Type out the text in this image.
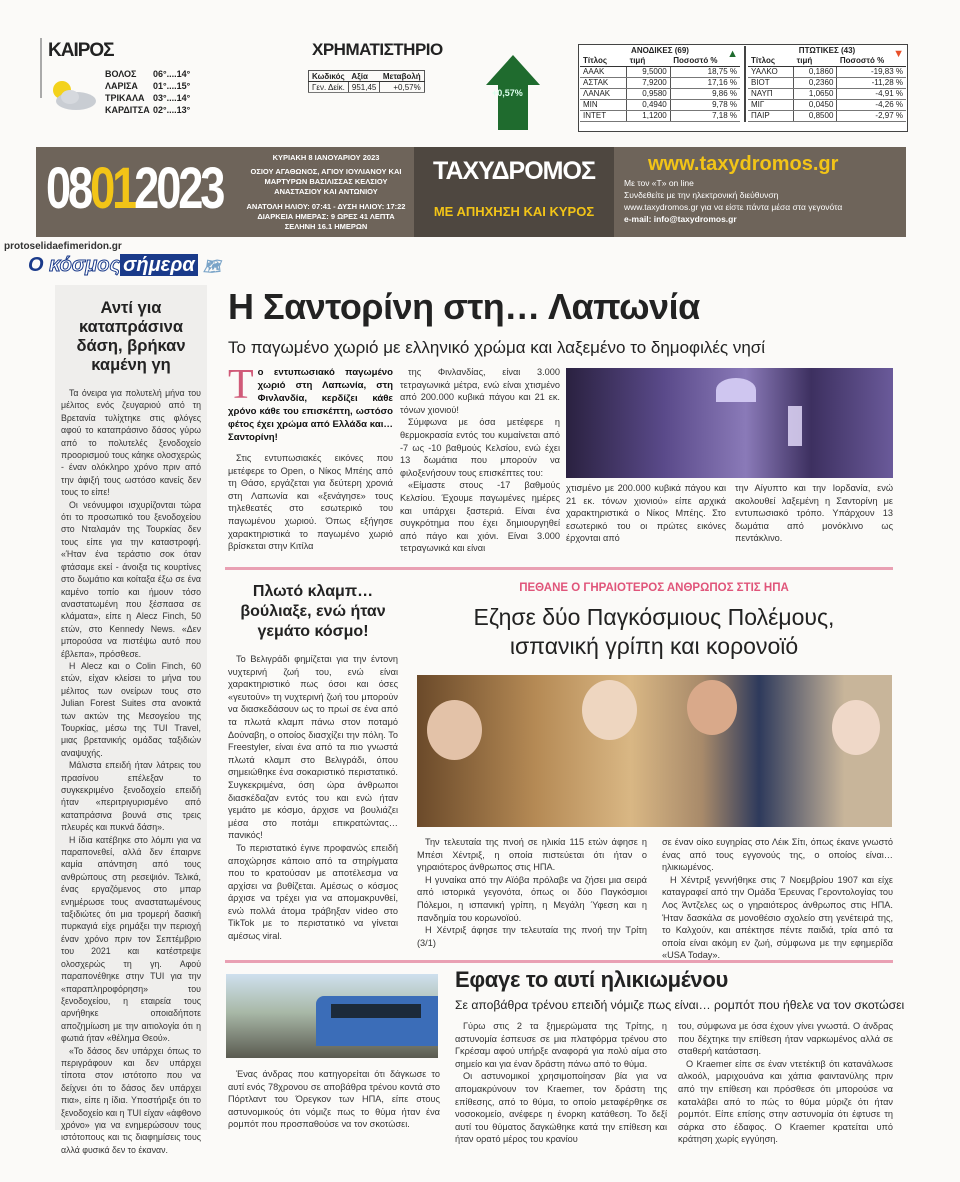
ΚΑΙΡΟΣ
ΒΟΛΟΣ 06°....14°
ΛΑΡΙΣΑ 01°....15°
ΤΡΙΚΑΛΑ 03°....14°
ΚΑΡΔΙΤΣΑ 02°....13°
ΧΡΗΜΑΤΙΣΤΗΡΙΟ
Κωδικός	Αξία	Μεταβολή
Γεν. Δείκ.	951,45	+0,57%
+0,57%
ΑΝΟΔΙΚΕΣ (69)	▲
Τίτλος	τιμή	Ποσοστό %
ΑΑΑΚ	9,5000	18,75 %
ΑΣΤΑΚ	7,9200	17,16 %
ΛΑΝΑΚ	0,9580	9,86 %
ΜΙΝ	0,4940	9,78 %
ΙΝΤΕΤ	1,1200	7,18 %
ΠΤΩΤΙΚΕΣ (43)	▼
Τίτλος	τιμή	Ποσοστό %
ΥΑΛΚΟ	0,1860	-19,83 %
ΒΙΟΤ	0,2360	-11,28 %
ΝΑΥΠ	1,0650	-4,91 %
ΜΙΓ	0,0450	-4,26 %
ΠΑΙΡ	0,8500	-2,97 %
08012023	ΚΥΡΙΑΚΗ 8 ΙΑΝΟΥΑΡΙΟΥ 2023
ΟΣΙΟΥ ΑΓΑΘΩΝΟΣ, ΑΓΙΟΥ ΙΟΥΛΙΑΝΟΥ ΚΑΙ ΜΑΡΤΥΡΩΝ ΒΑΣΙΛΙΣΣΑΣ ΚΕΛΣΙΟΥ ΑΝΑΣΤΑΣΙΟΥ ΚΑΙ ΑΝΤΩΝΙΟΥ
ΑΝΑΤΟΛΗ ΗΛΙΟΥ: 07:41 - ΔΥΣΗ ΗΛΙΟΥ: 17:22
ΔΙΑΡΚΕΙΑ ΗΜΕΡΑΣ: 9 ΩΡΕΣ 41 ΛΕΠΤΑ
ΣΕΛΗΝΗ 16.1 ΗΜΕΡΩΝ
ΤΑΧΥΔΡΟΜΟΣ
ΜΕ ΑΠΗΧΗΣΗ ΚΑΙ ΚΥΡΟΣ
www.taxydromos.gr
Με τον «Τ» on line
Συνδεθείτε με την ηλεκτρονική διεύθυνση
www.taxydromos.gr για να είστε πάντα μέσα στα γεγονότα
e-mail: info@taxydromos.gr
protoselidaefimeridon.gr
Ο κόσμος σήμερα 🗺
Αντί για καταπράσινα δάση, βρήκαν καμένη γη

Τα όνειρα για πολυτελή μήνα του μέλιτος ενός ζευγαριού από τη Βρετανία τυλίχτηκε στις φλόγες αφού το καταπράσινο δάσος γύρω από το πολυτελές ξενοδοχείο προορισμού τους κάηκε ολοσχερώς - έναν ολόκληρο χρόνο πριν από την άφιξή τους ωστόσο κανείς δεν τους το είπε!

Οι νεόνυμφοι ισχυρίζονται τώρα ότι το προσωπικό του ξενοδοχείου στο Νταλαμάν της Τουρκίας δεν τους είπε για την καταστροφή. «Ήταν ένα τεράστιο σοκ όταν φτάσαμε εκεί - άνοιξα τις κουρτίνες στο δωμάτιο και κοίταξα έξω σε ένα καμένο τοπίο και ήμουν τόσο αναστατωμένη που ξέσπασα σε κλάματα», είπε η Alecz Finch, 50 ετών, στο Kennedy News. «Δεν μπορούσα να πιστέψω αυτό που έβλεπα», πρόσθεσε.

Η Alecz και ο Colin Finch, 60 ετών, είχαν κλείσει το μήνα του μέλιτος των ονείρων τους στο Julian Forest Suites στα ανοικτά των ακτών της Μεσογείου της Τουρκίας, μέσω της TUI Travel, μιας βρετανικής ομάδας ταξιδιών αναψυχής.

Μάλιστα επειδή ήταν λάτρεις του πρασίνου επέλεξαν το συγκεκριμένο ξενοδοχείο επειδή ήταν «περιτριγυρισμένο από καταπράσινα βουνά στις τρεις πλευρές και πυκνά δάση».

Η ίδια κατέβηκε στο λόμπι για να παραπονεθεί, αλλά δεν έπαιρνε καμία απάντηση από τους ανθρώπους στη ρεσεψιόν. Τελικά, ένας εργαζόμενος στο μπαρ ενημέρωσε τους αναστατωμένους ταξιδιώτες ότι μια τρομερή δασική πυρκαγιά είχε ρημάξει την περιοχή έναν χρόνο πριν τον Σεπτέμβριο του 2021 και κατέστρεψε ολοσχερώς τη γη. Αφού παραπονέθηκε στην TUI για την «παραπληροφόρηση» του ξενοδοχείου, η εταιρεία τους αρνήθηκε οποιαδήποτε αποζημίωση με την αιτιολογία ότι η φωτιά ήταν «θέλημα Θεού».

«Το δάσος δεν υπάρχει όπως το περιγράφουν και δεν υπάρχει τίποτα στον ιστότοπο που να δείχνει ότι το δάσος δεν υπάρχει πια», είπε η ίδια. Υποστήριξε ότι το ξενοδοχείο και η TUI είχαν «άφθονο χρόνο» για να ενημερώσουν τους ιστότοπους και τις διαφημίσεις τους αλλά φυσικά δεν το έκαναν.

Η Σαντορίνη στη… Λαπωνία
Το παγωμένο χωριό με ελληνικό χρώμα και λαξεμένο το δημοφιλές νησί
Το εντυπωσιακό παγωμένο χωριό στη Λαπωνία, στη Φινλανδία, κερδίζει κάθε χρόνο κάθε του επισκέπτη, ωστόσο φέτος έχει χρώμα από Ελλάδα και… Σαντορίνη!

Στις εντυπωσιακές εικόνες που μετέφερε το Open, ο Νίκος Μπέης από τη Θάσο, εργάζεται για δεύτερη χρονιά στη Λαπωνία και «ξενάγησε» τους τηλεθεατές στο εσωτερικό του παγωμένου χωριού. Όπως εξήγησε χαρακτηριστικά το παγωμένο χωριό βρίσκεται στην Κιτίλα

της Φινλανδίας, είναι 3.000 τετραγωνικά μέτρα, ενώ είναι χτισμένο από 200.000 κυβικά πάγου και 21 εκ. τόνων χιονιού!

Σύμφωνα με όσα μετέφερε η θερμοκρασία εντός του κυμαίνεται από -7 ως -10 βαθμούς Κελσίου, ενώ έχει 13 δωμάτια που μπορούν να φιλοξενήσουν τους επισκέπτες του:

«Είμαστε στους -17 βαθμούς Κελσίου. Έχουμε παγωμένες ημέρες και υπάρχει ξαστεριά. Είναι ένα συγκρότημα που έχει δημιουργηθεί από πάγο και χιόνι. Είναι 3.000 τετραγωνικά και είναι

χτισμένο με 200.000 κυβικά πάγου και 21 εκ. τόνων χιονιού» είπε αρχικά χαρακτηριστικά ο Νίκος Μπέης. Στο εσωτερικό του οι πρώτες εικόνες έρχονται από

την Αίγυπτο και την Ιορδανία, ενώ ακολουθεί λαξεμένη η Σαντορίνη με εντυπωσιακό τρόπο. Υπάρχουν 13 δωμάτια από μονόκλινο ως πεντάκλινο.

Πλωτό κλαμπ… βούλιαξε, ενώ ήταν γεμάτο κόσμο!

Το Βελιγράδι φημίζεται για την έντονη νυχτερινή ζωή του, ενώ είναι χαρακτηριστικό πως όσοι και όσες «γευτούν» τη νυχτερινή ζωή του μπορούν να διασκεδάσουν ως το πρωί σε ένα από τα πλωτά κλαμπ πάνω στον ποταμό Δούναβη, ο οποίος διασχίζει την πόλη. Το Freestyler, είναι ένα από τα πιο γνωστά πλωτά κλαμπ στο Βελιγράδι, όπου σημειώθηκε ένα σοκαριστικό περιστατικό. Συγκεκριμένα, όση ώρα άνθρωποι διασκέδαζαν εντός του και ενώ ήταν γεμάτο με κόσμο, άρχισε να βουλιάζει μέσα στο ποτάμι επικρατώντας… πανικός!

Το περιστατικό έγινε προφανώς επειδή αποχώρησε κάποιο από τα στηρίγματα που το κρατούσαν με αποτέλεσμα να αρχίσει να βυθίζεται. Αμέσως ο κόσμος άρχισε να τρέχει για να απομακρυνθεί, ενώ πολλά άτομα τράβηξαν video στο TikTok με το περιστατικό να γίνεται αμέσως viral.

ΠΕΘΑΝΕ Ο ΓΗΡΑΙΟΤΕΡΟΣ ΑΝΘΡΩΠΟΣ ΣΤΙΣ ΗΠΑ
Εζησε δύο Παγκόσμιους Πολέμους,
ισπανική γρίπη και κορονοϊό

Την τελευταία της πνοή σε ηλικία 115 ετών άφησε η Μπέσι Χέντριξ, η οποία πιστεύεται ότι ήταν ο γηραιότερος άνθρωπος στις ΗΠΑ.

Η γυναίκα από την Αϊόβα πρόλαβε να ζήσει μια σειρά από ιστορικά γεγονότα, όπως οι δύο Παγκόσμιοι Πόλεμοι, η ισπανική γρίπη, η Μεγάλη Ύφεση και η πανδημία του κορωνοϊού.

Η Χέντριξ άφησε την τελευταία της πνοή την Τρίτη (3/1)

σε έναν οίκο ευγηρίας στο Λέικ Σίτι, όπως έκανε γνωστό ένας από τους εγγονούς της, ο οποίος είναι… ηλικιωμένος.

Η Χέντριξ γεννήθηκε στις 7 Νοεμβρίου 1907 και είχε καταγραφεί από την Ομάδα Έρευνας Γεροντολογίας του Λος Άντζελες ως ο γηραιότερος άνθρωπος στις ΗΠΑ. Ήταν δασκάλα σε μονοθέσιο σχολείο στη γενέτειρά της, το Καλχούν, και απέκτησε πέντε παιδιά, τρία από τα οποία είναι ακόμη εν ζωή, σύμφωνα με την εφημερίδα «USA Today».

Εφαγε το αυτί ηλικιωμένου
Σε αποβάθρα τρένου επειδή νόμιζε πως είναι… ρομπότ που ήθελε να τον σκοτώσει

Ένας άνδρας που κατηγορείται ότι δάγκωσε το αυτί ενός 78χρονου σε αποβάθρα τρένου κοντά στο Πόρτλαντ του Όρεγκον των ΗΠΑ, είπε στους αστυνομικούς ότι νόμιζε πως το θύμα ήταν ένα ρομπότ που προσπαθούσε να τον σκοτώσει.

Γύρω στις 2 τα ξημερώματα της Τρίτης, η αστυνομία έσπευσε σε μια πλατφόρμα τρένου στο Γκρέσαμ αφού υπήρξε αναφορά για πολύ αίμα στο σημείο και για έναν δράστη πάνω από το θύμα.

Οι αστυνομικοί χρησιμοποίησαν βία για να απομακρύνουν τον Kraemer, τον δράστη της επίθεσης, από το θύμα, το οποίο μεταφέρθηκε σε νοσοκομείο, ανέφερε η ένορκη κατάθεση. Το δεξί αυτί του θύματος δαγκώθηκε κατά την επίθεση και ήταν ορατό μέρος του κρανίου

του, σύμφωνα με όσα έχουν γίνει γνωστά. Ο άνδρας που δέχτηκε την επίθεση ήταν ναρκωμένος αλλά σε σταθερή κατάσταση.

Ο Kraemer είπε σε έναν ντετέκτιβ ότι κατανάλωσε αλκοόλ, μαριχουάνα και χάπια φαιντανύλης πριν από την επίθεση και πρόσθεσε ότι μπορούσε να καταλάβει από το πώς το θύμα μύριζε ότι ήταν ρομπότ. Είπε επίσης στην αστυνομία ότι έφτυσε τη σάρκα στο έδαφος. Ο Kraemer κρατείται υπό κράτηση χωρίς εγγύηση.
